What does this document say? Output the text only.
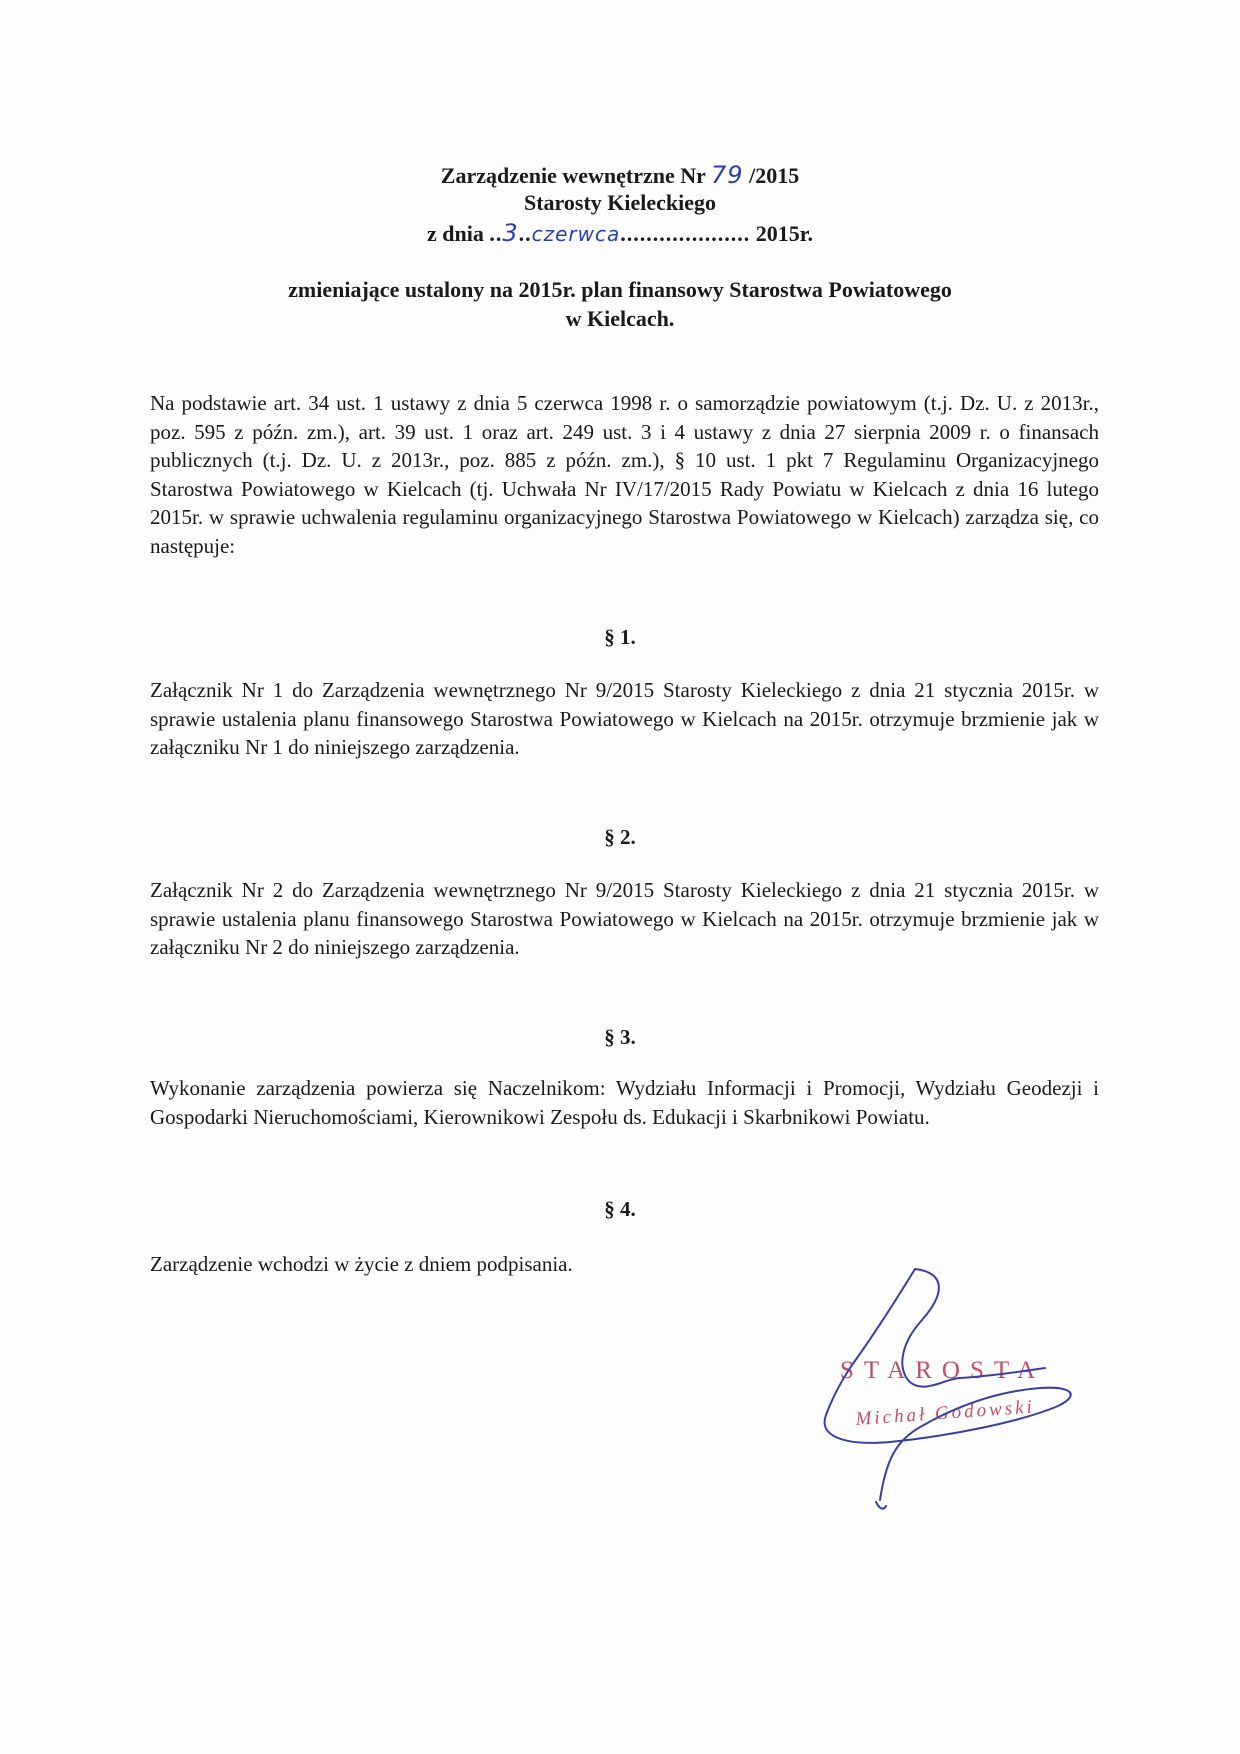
Zarządzenie wewnętrzne Nr 79 /2015
Starosty Kieleckiego
z dnia ..3..czerwca.................... 2015r.
zmieniające ustalony na 2015r. plan finansowy Starostwa Powiatowego
w Kielcach.
Na podstawie art. 34 ust. 1 ustawy z dnia 5 czerwca 1998 r. o samorządzie powiatowym (t.j. Dz. U. z 2013r., poz. 595 z późn. zm.), art. 39 ust. 1 oraz art. 249 ust. 3 i 4 ustawy z dnia 27 sierpnia 2009 r. o finansach publicznych (t.j. Dz. U. z 2013r., poz. 885 z późn. zm.), § 10 ust. 1 pkt 7 Regulaminu Organizacyjnego Starostwa Powiatowego w Kielcach (tj. Uchwała Nr IV/17/2015 Rady Powiatu w Kielcach z dnia 16 lutego 2015r. w sprawie uchwalenia regulaminu organizacyjnego Starostwa Powiatowego w Kielcach) zarządza się, co następuje:
§ 1.
Załącznik Nr 1 do Zarządzenia wewnętrznego Nr 9/2015 Starosty Kieleckiego z dnia 21 stycznia 2015r. w sprawie ustalenia planu finansowego Starostwa Powiatowego w Kielcach na 2015r. otrzymuje brzmienie jak w załączniku Nr 1 do niniejszego zarządzenia.
§ 2.
Załącznik Nr 2 do Zarządzenia wewnętrznego Nr 9/2015 Starosty Kieleckiego z dnia 21 stycznia 2015r. w sprawie ustalenia planu finansowego Starostwa Powiatowego w Kielcach na 2015r. otrzymuje brzmienie jak w załączniku Nr 2 do niniejszego zarządzenia.
§ 3.
Wykonanie zarządzenia powierza się Naczelnikom: Wydziału Informacji i Promocji, Wydziału Geodezji i Gospodarki Nieruchomościami, Kierownikowi Zespołu ds. Edukacji i Skarbnikowi Powiatu.
§ 4.
Zarządzenie wchodzi w życie z dniem podpisania.
STAROSTA
Michał Godowski
